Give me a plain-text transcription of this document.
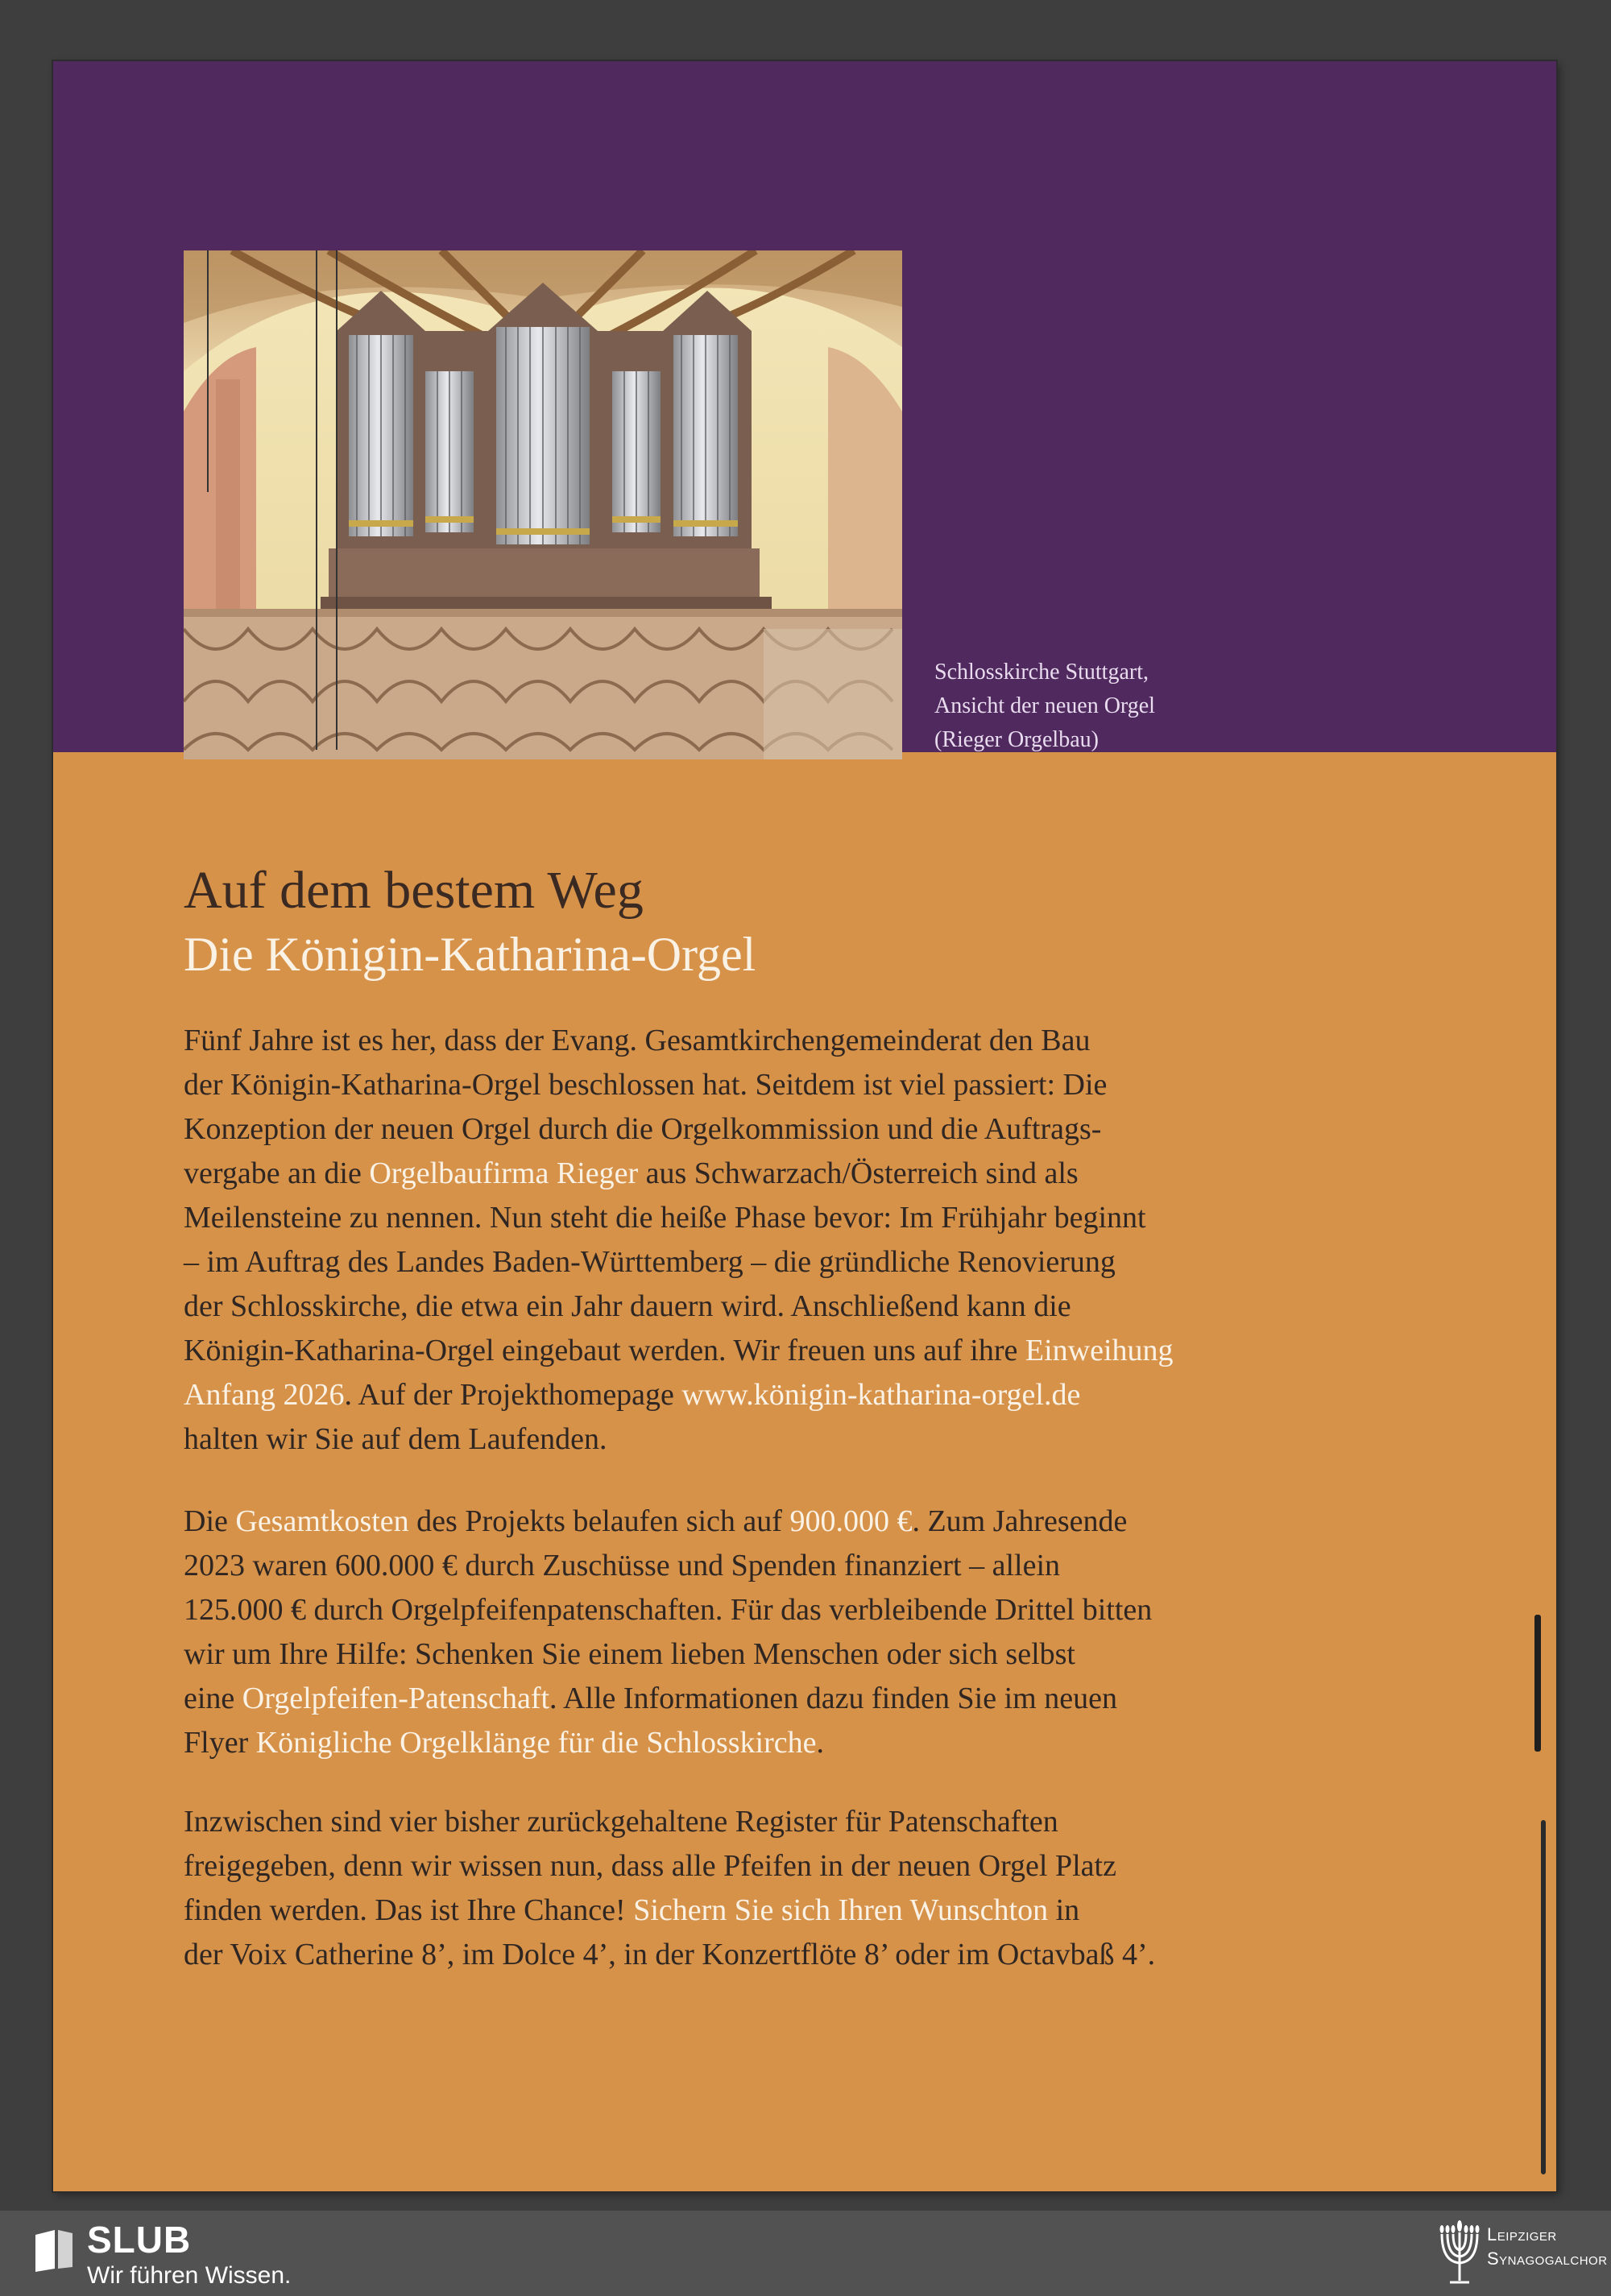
Schlosskirche Stuttgart,
Ansicht der neuen Orgel
(Rieger Orgelbau)
Auf dem bestem Weg
Die Königin-Katharina-Orgel
Fünf Jahre ist es her, dass der Evang. Gesamtkirchengemeinderat den Bau
der Königin-Katharina-Orgel beschlossen hat. Seitdem ist viel passiert: Die
Konzeption der neuen Orgel durch die Orgelkommission und die Auftrags-
vergabe an die Orgelbaufirma Rieger aus Schwarzach/Österreich sind als
Meilensteine zu nennen. Nun steht die heiße Phase bevor: Im Frühjahr beginnt
– im Auftrag des Landes Baden-Württemberg – die gründliche Renovierung
der Schlosskirche, die etwa ein Jahr dauern wird. Anschließend kann die
Königin-Katharina-Orgel eingebaut werden. Wir freuen uns auf ihre Einweihung
Anfang 2026. Auf der Projekthomepage www.königin-katharina-orgel.de
halten wir Sie auf dem Laufenden.
Die Gesamtkosten des Projekts belaufen sich auf 900.000 €. Zum Jahresende
2023 waren 600.000 € durch Zuschüsse und Spenden finanziert – allein
125.000 € durch Orgelpfeifenpatenschaften. Für das verbleibende Drittel bitten
wir um Ihre Hilfe: Schenken Sie einem lieben Menschen oder sich selbst
eine Orgelpfeifen-Patenschaft. Alle Informationen dazu finden Sie im neuen
Flyer Königliche Orgelklänge für die Schlosskirche.
Inzwischen sind vier bisher zurückgehaltene Register für Patenschaften
freigegeben, denn wir wissen nun, dass alle Pfeifen in der neuen Orgel Platz
finden werden. Das ist Ihre Chance! Sichern Sie sich Ihren Wunschton in
der Voix Catherine 8’, im Dolce 4’, in der Konzertflöte 8’ oder im Octavbaß 4’.
SLUB
Wir führen Wissen.
Leipziger
Synagogalchor
